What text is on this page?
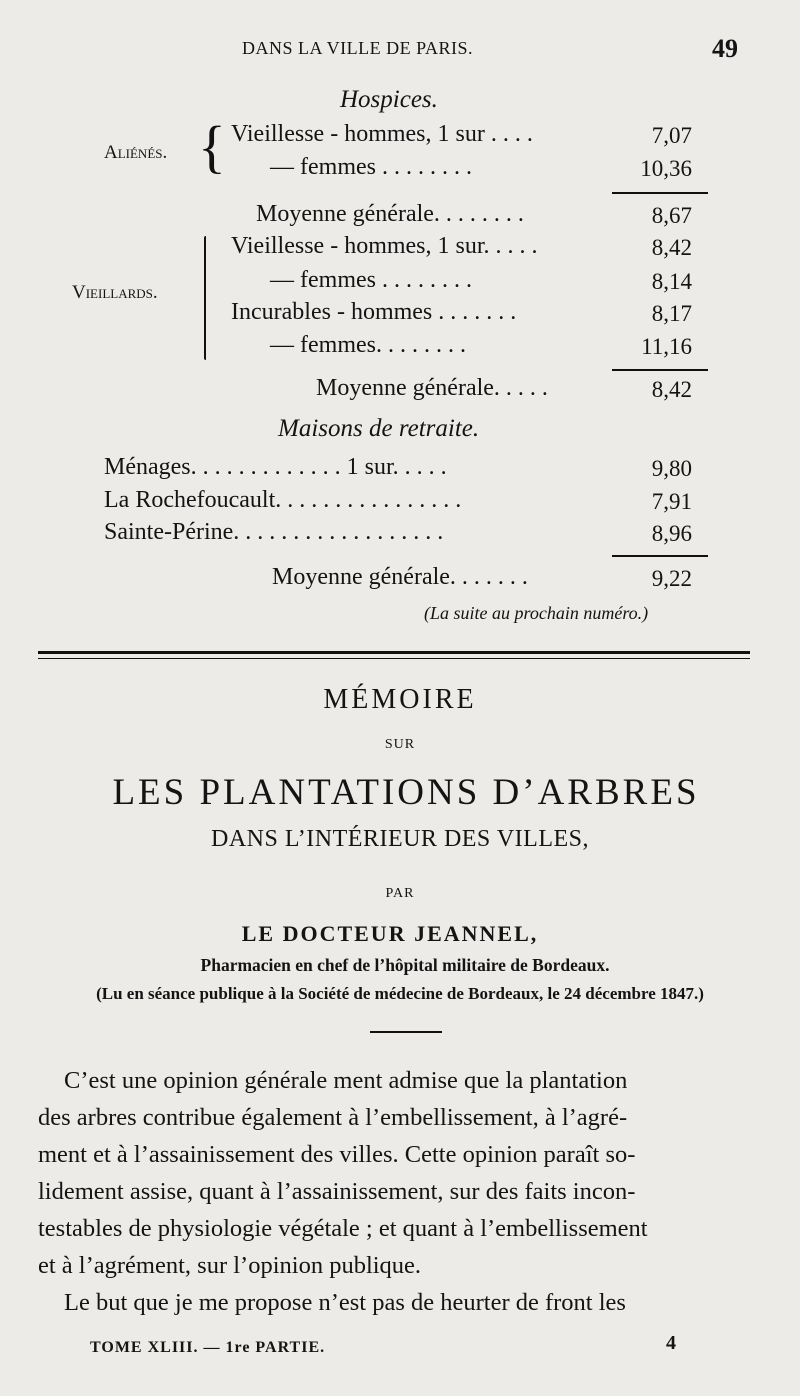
DANS LA VILLE DE PARIS.	49
Hospices.
Aliénés. { Vieillesse - hommes, 1 sur . . . .	7,07
— femmes . . . . . . . .	10,36
Moyenne générale. . . . . . . .	8,67
Vieillards.
Vieillesse - hommes, 1 sur. . . . .	8,42
— femmes . . . . . . . .	8,14
Incurables - hommes . . . . . . .	8,17
— femmes. . . . . . . .	11,16
Moyenne générale. . . . .	8,42
Maisons de retraite.
Ménages. . . . . . . . . . . . . 1 sur. . . . .	9,80
La Rochefoucault. . . . . . . . . . . . . . . .	7,91
Sainte-Périne. . . . . . . . . . . . . . . . . .	8,96
Moyenne générale. . . . . . .	9,22
(La suite au prochain numéro.)
MÉMOIRE
SUR
LES PLANTATIONS D’ARBRES
DANS L’INTÉRIEUR DES VILLES,
PAR
LE DOCTEUR JEANNEL,
Pharmacien en chef de l’hôpital militaire de Bordeaux.
(Lu en séance publique à la Société de médecine de Bordeaux, le 24 décembre 1847.)
C’est une opinion générale ment admise que la plantation
des arbres contribue également à l’embellissement, à l’agré-
ment et à l’assainissement des villes. Cette opinion paraît so-
lidement assise, quant à l’assainissement, sur des faits incon-
testables de physiologie végétale ; et quant à l’embellissement
et à l’agrément, sur l’opinion publique.
Le but que je me propose n’est pas de heurter de front les
TOME XLIII. — 1re PARTIE.	4
